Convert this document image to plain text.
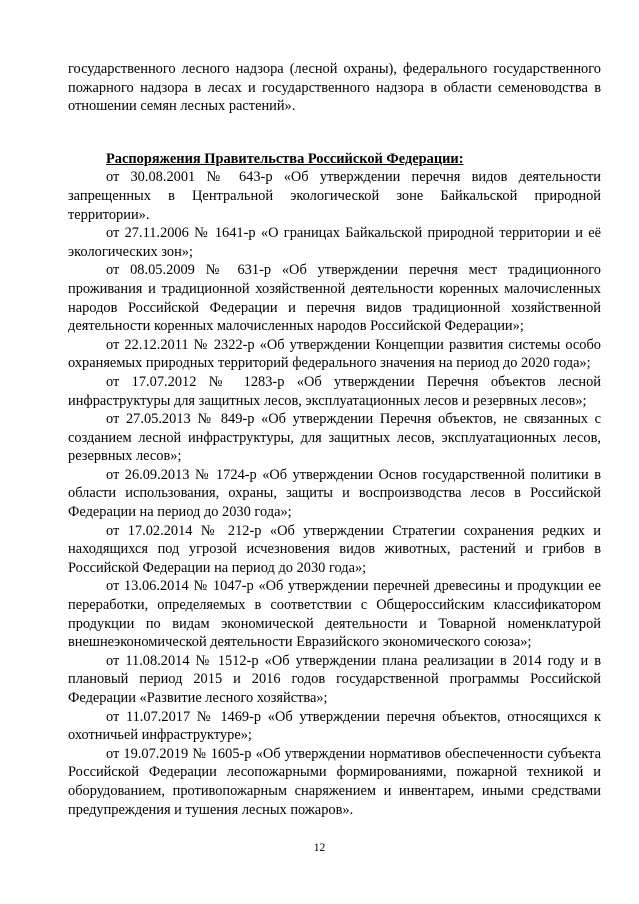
государственного лесного надзора (лесной охраны), федерального государственного пожарного надзора в лесах и государственного надзора в области семеноводства в отношении семян лесных растений».

Распоряжения Правительства Российской Федерации:

от 30.08.2001 № 643-р «Об утверждении перечня видов деятельности запрещенных в Центральной экологической зоне Байкальской природной территории».

от 27.11.2006 № 1641-р «О границах Байкальской природной территории и её экологических зон»;

от 08.05.2009 № 631-р «Об утверждении перечня мест традиционного проживания и традиционной хозяйственной деятельности коренных малочисленных народов Российской Федерации и перечня видов традиционной хозяйственной деятельности коренных малочисленных народов Российской Федерации»;

от 22.12.2011 № 2322-р «Об утверждении Концепции развития системы особо охраняемых природных территорий федерального значения на период до 2020 года»;

от 17.07.2012 № 1283-р «Об утверждении Перечня объектов лесной инфраструктуры для защитных лесов, эксплуатационных лесов и резервных лесов»;

от 27.05.2013 № 849-р «Об утверждении Перечня объектов, не связанных с созданием лесной инфраструктуры, для защитных лесов, эксплуатационных лесов, резервных лесов»;

от 26.09.2013 № 1724-р «Об утверждении Основ государственной политики в области использования, охраны, защиты и воспроизводства лесов в Российской Федерации на период до 2030 года»;

от 17.02.2014 № 212-р «Об утверждении Стратегии сохранения редких и находящихся под угрозой исчезновения видов животных, растений и грибов в Российской Федерации на период до 2030 года»;

от 13.06.2014 № 1047-р «Об утверждении перечней древесины и продукции ее переработки, определяемых в соответствии с Общероссийским классификатором продукции по видам экономической деятельности и Товарной номенклатурой внешнеэкономической деятельности Евразийского экономического союза»;

от 11.08.2014 № 1512-р «Об утверждении плана реализации в 2014 году и в плановый период 2015 и 2016 годов государственной программы Российской Федерации «Развитие лесного хозяйства»;

от 11.07.2017 № 1469-р «Об утверждении перечня объектов, относящихся к охотничьей инфраструктуре»;

от 19.07.2019 № 1605-р «Об утверждении нормативов обеспеченности субъекта Российской Федерации лесопожарными формированиями, пожарной техникой и оборудованием, противопожарным снаряжением и инвентарем, иными средствами предупреждения и тушения лесных пожаров».

12
